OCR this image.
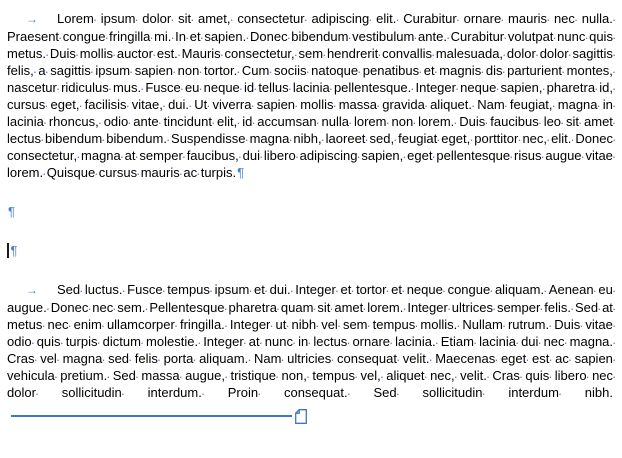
→ Lorem · ipsum · dolor · sit · amet, · consectetur · adipiscing · elit. · Curabitur · ornare · mauris · nec · nulla. ·
Praesent · congue · fringilla · mi. · In · et · sapien. · Donec · bibendum · vestibulum · ante. · Curabitur · volutpat · nunc · quis ·
metus. · Duis · mollis · auctor · est. · Mauris · consectetur, · sem · hendrerit · convallis · malesuada, · dolor · dolor · sagittis ·
felis, · a · sagittis · ipsum · sapien · non · tortor. · Cum · sociis · natoque · penatibus · et · magnis · dis · parturient · montes, ·
nascetur · ridiculus · mus. · Fusce · eu · neque · id · tellus · lacinia · pellentesque. · Integer · neque · sapien, · pharetra · id, ·
cursus · eget, · facilisis · vitae, · dui. · Ut · viverra · sapien · mollis · massa · gravida · aliquet. · Nam · feugiat, · magna · in ·
lacinia · rhoncus, · odio · ante · tincidunt · elit, · id · accumsan · nulla · lorem · non · lorem. · Duis · faucibus · leo · sit · amet ·
lectus · bibendum · bibendum. · Suspendisse · magna · nibh, · laoreet · sed, · feugiat · eget, · porttitor · nec, · elit. · Donec ·
consectetur, · magna · at · semper · faucibus, · dui · libero · adipiscing · sapien, · eget · pellentesque · risus · augue · vitae ·
lorem. · Quisque · cursus · mauris · ac · turpis.¶

¶

¶

→ Sed · luctus. · Fusce · tempus · ipsum · et · dui. · Integer · et · tortor · et · neque · congue · aliquam. · Aenean · eu ·
augue. · Donec · nec · sem. · Pellentesque · pharetra · quam · sit · amet · lorem. · Integer · ultrices · semper · felis. · Sed · at ·
metus · nec · enim · ullamcorper · fringilla. · Integer · ut · nibh · vel · sem · tempus · mollis. · Nullam · rutrum. · Duis · vitae ·
odio · quis · turpis · dictum · molestie. · Integer · at · nunc · in · lectus · ornare · lacinia. · Etiam · lacinia · dui · nec · magna. ·
Cras · vel · magna · sed · felis · porta · aliquam. · Nam · ultricies · consequat · velit. · Maecenas · eget · est · ac · sapien ·
vehicula · pretium. · Sed · massa · augue, · tristique · non, · tempus · vel, · aliquet · nec, · velit. · Cras · quis · libero · nec ·
dolor · sollicitudin · interdum. · Proin · consequat. · Sed · sollicitudin · interdum · nibh.
